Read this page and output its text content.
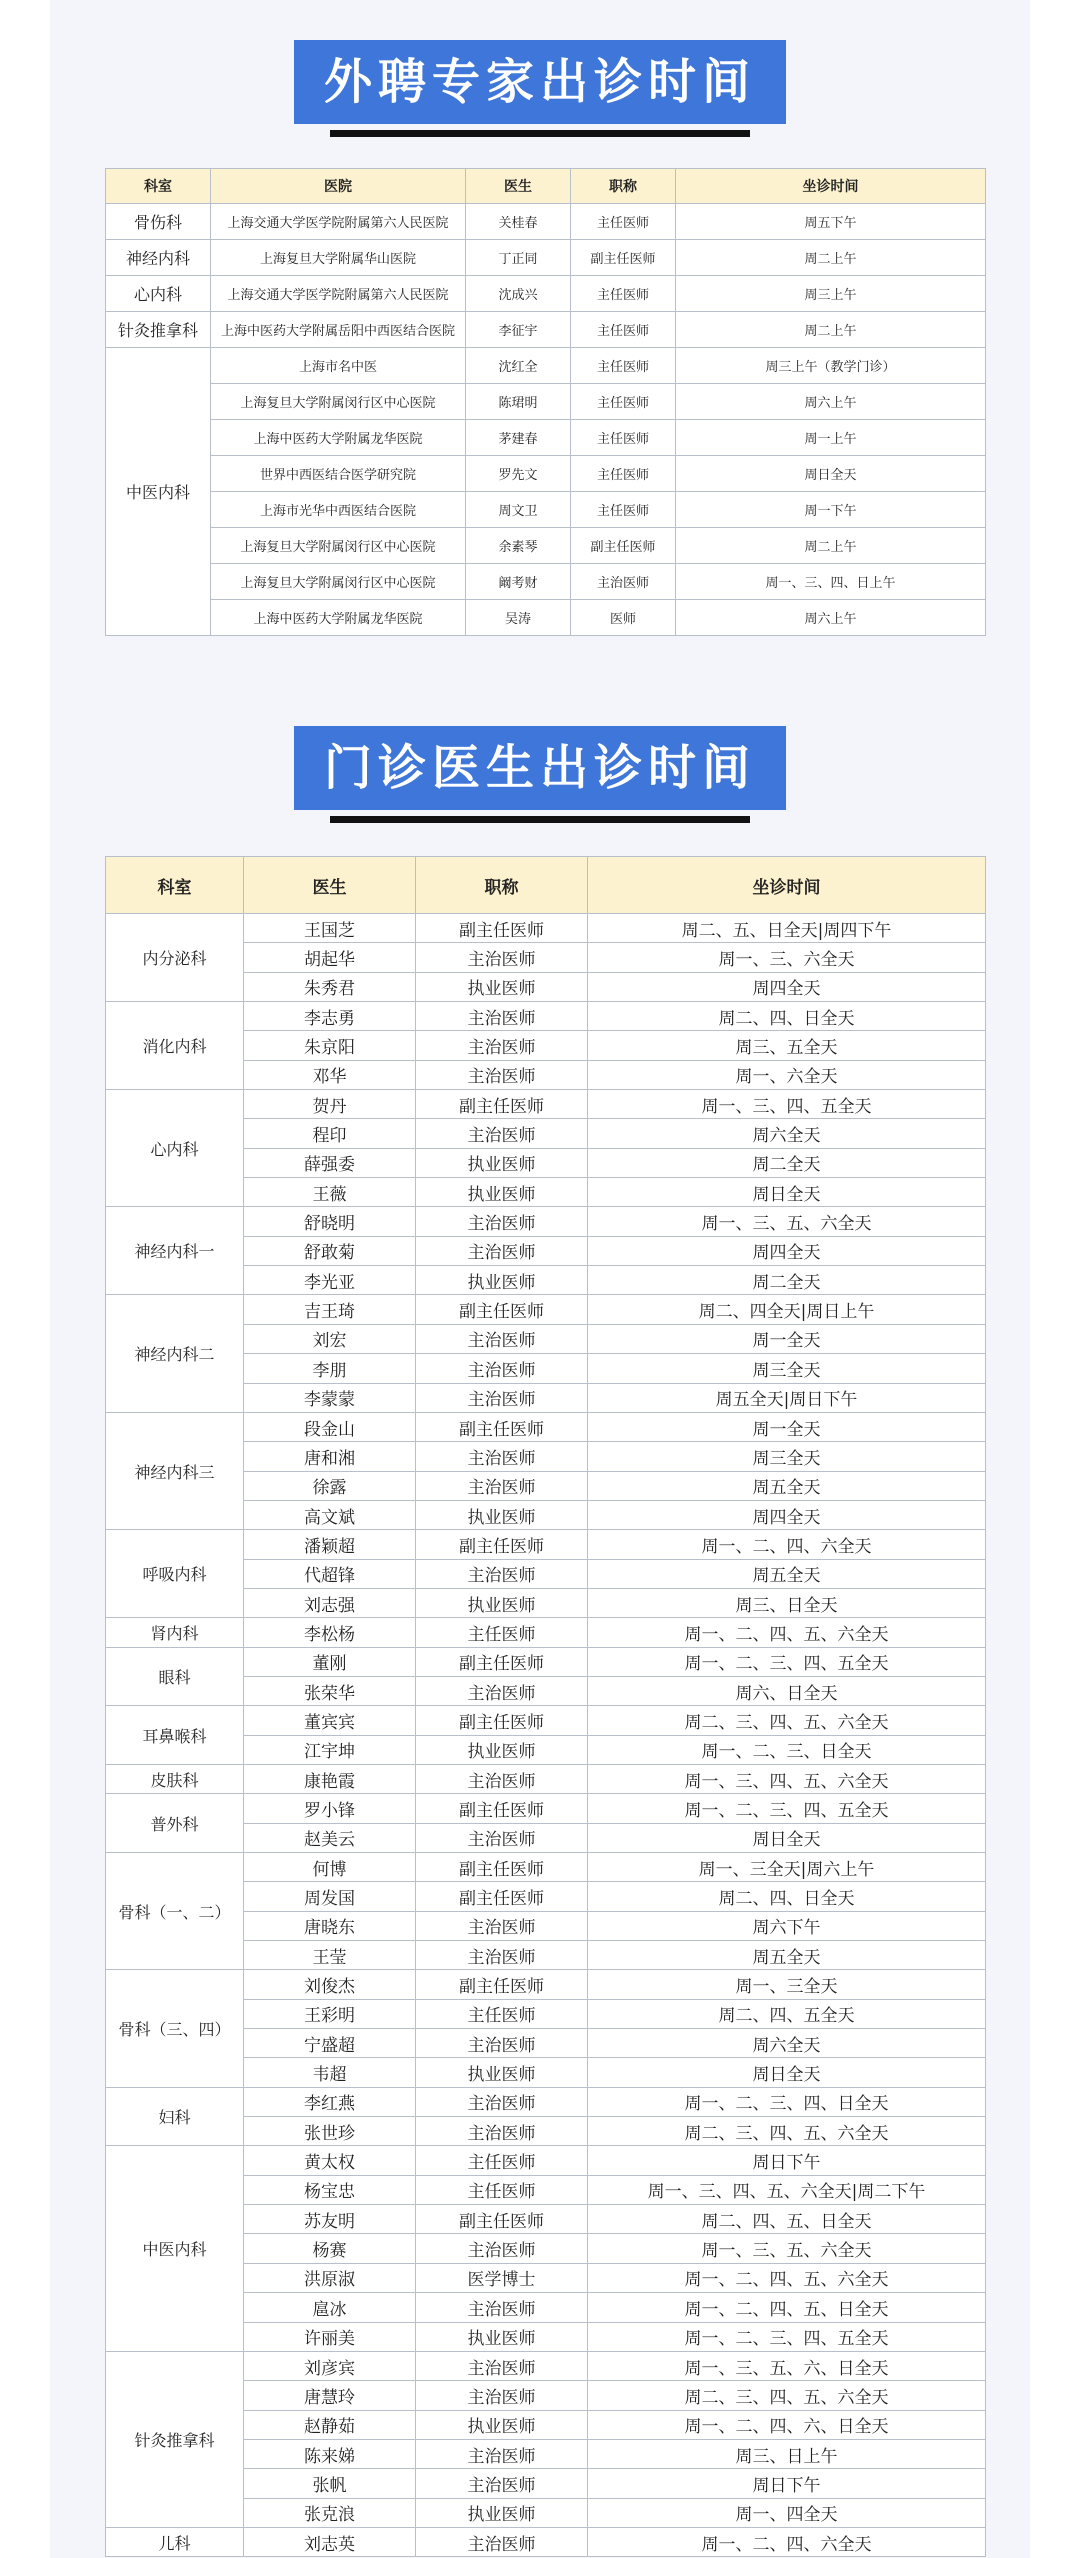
外聘专家出诊时间
科室	医院	医生	职称	坐诊时间
骨伤科	上海交通大学医学院附属第六人民医院	关桂春	主任医师	周五下午
神经内科	上海复旦大学附属华山医院	丁正同	副主任医师	周二上午
心内科	上海交通大学医学院附属第六人民医院	沈成兴	主任医师	周三上午
针灸推拿科	上海中医药大学附属岳阳中西医结合医院	李征宇	主任医师	周二上午
中医内科	上海市名中医	沈红全	主任医师	周三上午（教学门诊）
	上海复旦大学附属闵行区中心医院	陈珺明	主任医师	周六上午
	上海中医药大学附属龙华医院	茅建春	主任医师	周一上午
	世界中西医结合医学研究院	罗先文	主任医师	周日全天
	上海市光华中西医结合医院	周文卫	主任医师	周一下午
	上海复旦大学附属闵行区中心医院	余素琴	副主任医师	周二上午
	上海复旦大学附属闵行区中心医院	阚考财	主治医师	周一、三、四、日上午
	上海中医药大学附属龙华医院	吴涛	医师	周六上午
门诊医生出诊时间
科室	医生	职称	坐诊时间
内分泌科	王国芝	副主任医师	周二、五、日全天|周四下午
	胡起华	主治医师	周一、三、六全天
	朱秀君	执业医师	周四全天
消化内科	李志勇	主治医师	周二、四、日全天
	朱京阳	主治医师	周三、五全天
	邓华	主治医师	周一、六全天
心内科	贺丹	副主任医师	周一、三、四、五全天
	程印	主治医师	周六全天
	薛强委	执业医师	周二全天
	王薇	执业医师	周日全天
神经内科一	舒晓明	主治医师	周一、三、五、六全天
	舒敢菊	主治医师	周四全天
	李光亚	执业医师	周二全天
神经内科二	吉王琦	副主任医师	周二、四全天|周日上午
	刘宏	主治医师	周一全天
	李朋	主治医师	周三全天
	李蒙蒙	主治医师	周五全天|周日下午
神经内科三	段金山	副主任医师	周一全天
	唐和湘	主治医师	周三全天
	徐露	主治医师	周五全天
	高文斌	执业医师	周四全天
呼吸内科	潘颖超	副主任医师	周一、二、四、六全天
	代超锋	主治医师	周五全天
	刘志强	执业医师	周三、日全天
肾内科	李松杨	主任医师	周一、二、四、五、六全天
眼科	董刚	副主任医师	周一、二、三、四、五全天
	张荣华	主治医师	周六、日全天
耳鼻喉科	董宾宾	副主任医师	周二、三、四、五、六全天
	江宇坤	执业医师	周一、二、三、日全天
皮肤科	康艳霞	主治医师	周一、三、四、五、六全天
普外科	罗小锋	副主任医师	周一、二、三、四、五全天
	赵美云	主治医师	周日全天
骨科（一、二）	何博	副主任医师	周一、三全天|周六上午
	周发国	副主任医师	周二、四、日全天
	唐晓东	主治医师	周六下午
	王莹	主治医师	周五全天
骨科（三、四）	刘俊杰	副主任医师	周一、三全天
	王彩明	主任医师	周二、四、五全天
	宁盛超	主治医师	周六全天
	韦超	执业医师	周日全天
妇科	李红燕	主治医师	周一、二、三、四、日全天
	张世珍	主治医师	周二、三、四、五、六全天
中医内科	黄太权	主任医师	周日下午
	杨宝忠	主任医师	周一、三、四、五、六全天|周二下午
	苏友明	副主任医师	周二、四、五、日全天
	杨赛	主治医师	周一、三、五、六全天
	洪原淑	医学博士	周一、二、四、五、六全天
	扈冰	主治医师	周一、二、四、五、日全天
	许丽美	执业医师	周一、二、三、四、五全天
针灸推拿科	刘彦宾	主治医师	周一、三、五、六、日全天
	唐慧玲	主治医师	周二、三、四、五、六全天
	赵静茹	执业医师	周一、二、四、六、日全天
	陈来娣	主治医师	周三、日上午
	张帆	主治医师	周日下午
	张克浪	执业医师	周一、四全天
儿科	刘志英	主治医师	周一、二、四、六全天
